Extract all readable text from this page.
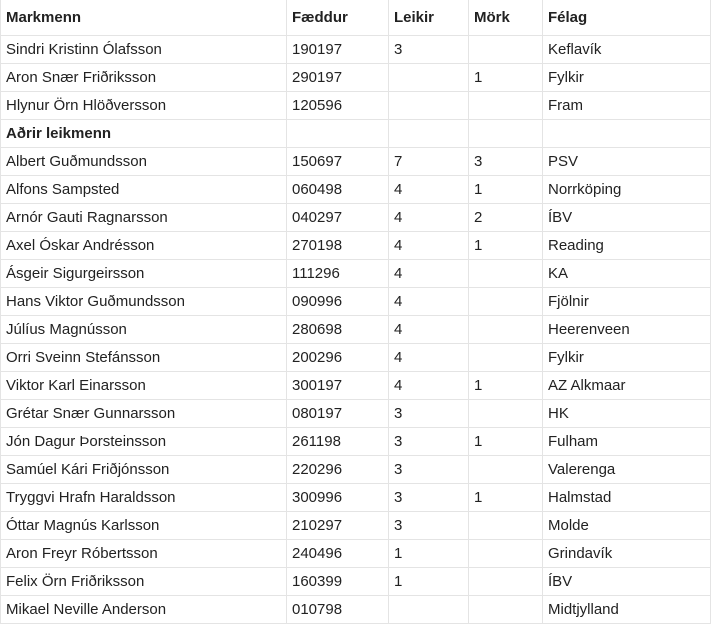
Markmenn	Fæddur	Leikir	Mörk	Félag
Sindri Kristinn Ólafsson	190197	3		Keflavík
Aron Snær Friðriksson	290197		1	Fylkir
Hlynur Örn Hlöðversson	120596			Fram
Aðrir leikmenn				
Albert Guðmundsson	150697	7	3	PSV
Alfons Sampsted	060498	4	1	Norrköping
Arnór Gauti Ragnarsson	040297	4	2	ÍBV
Axel Óskar Andrésson	270198	4	1	Reading
Ásgeir Sigurgeirsson	111296	4		KA
Hans Viktor Guðmundsson	090996	4		Fjölnir
Júlíus Magnússon	280698	4		Heerenveen
Orri Sveinn Stefánsson	200296	4		Fylkir
Viktor Karl Einarsson	300197	4	1	AZ Alkmaar
Grétar Snær Gunnarsson	080197	3		HK
Jón Dagur Þorsteinsson	261198	3	1	Fulham
Samúel Kári Friðjónsson	220296	3		Valerenga
Tryggvi Hrafn Haraldsson	300996	3	1	Halmstad
Óttar Magnús Karlsson	210297	3		Molde
Aron Freyr Róbertsson	240496	1		Grindavík
Felix Örn Friðriksson	160399	1		ÍBV
Mikael Neville Anderson	010798			Midtjylland
